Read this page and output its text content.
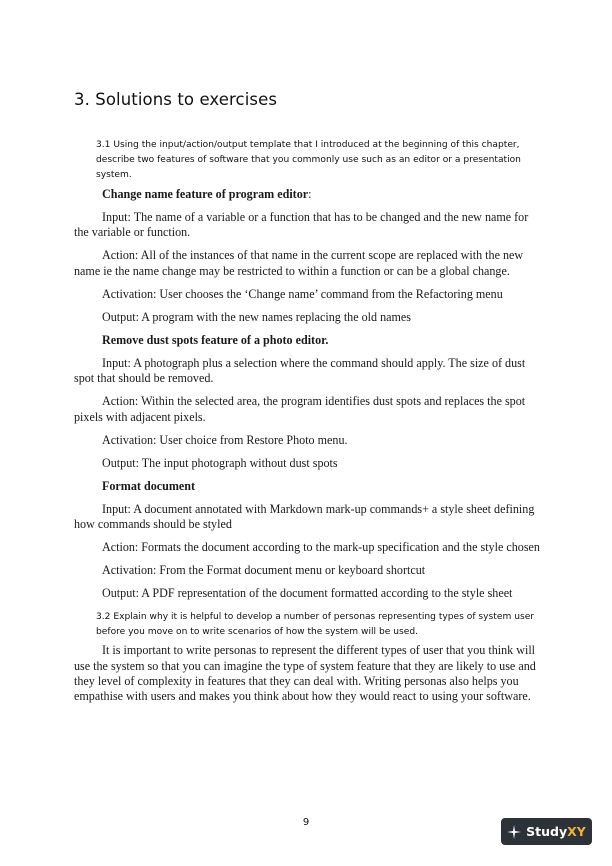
3. Solutions to exercises

3.1 Using the input/action/output template that I introduced at the beginning of this chapter, describe two features of software that you commonly use such as an editor or a presentation system.

Change name feature of program editor:

Input: The name of a variable or a function that has to be changed and the new name for the variable or function.

Action: All of the instances of that name in the current scope are replaced with the new name ie the name change may be restricted to within a function or can be a global change.

Activation: User chooses the ‘Change name’ command from the Refactoring menu

Output: A program with the new names replacing the old names

Remove dust spots feature of a photo editor.

Input: A photograph plus a selection where the command should apply. The size of dust spot that should be removed.

Action: Within the selected area, the program identifies dust spots and replaces the spot pixels with adjacent pixels.

Activation: User choice from Restore Photo menu.

Output: The input photograph without dust spots

Format document

Input: A document annotated with Markdown mark-up commands+ a style sheet defining how commands should be styled

Action: Formats the document according to the mark-up specification and the style chosen

Activation: From the Format document menu or keyboard shortcut

Output: A PDF representation of the document formatted according to the style sheet

3.2 Explain why it is helpful to develop a number of personas representing types of system user before you move on to write scenarios of how the system will be used.

It is important to write personas to represent the different types of user that you think will use the system so that you can imagine the type of system feature that they are likely to use and they level of complexity in features that they can deal with. Writing personas also helps you empathise with users and makes you think about how they would react to using your software.

9
Study XY
